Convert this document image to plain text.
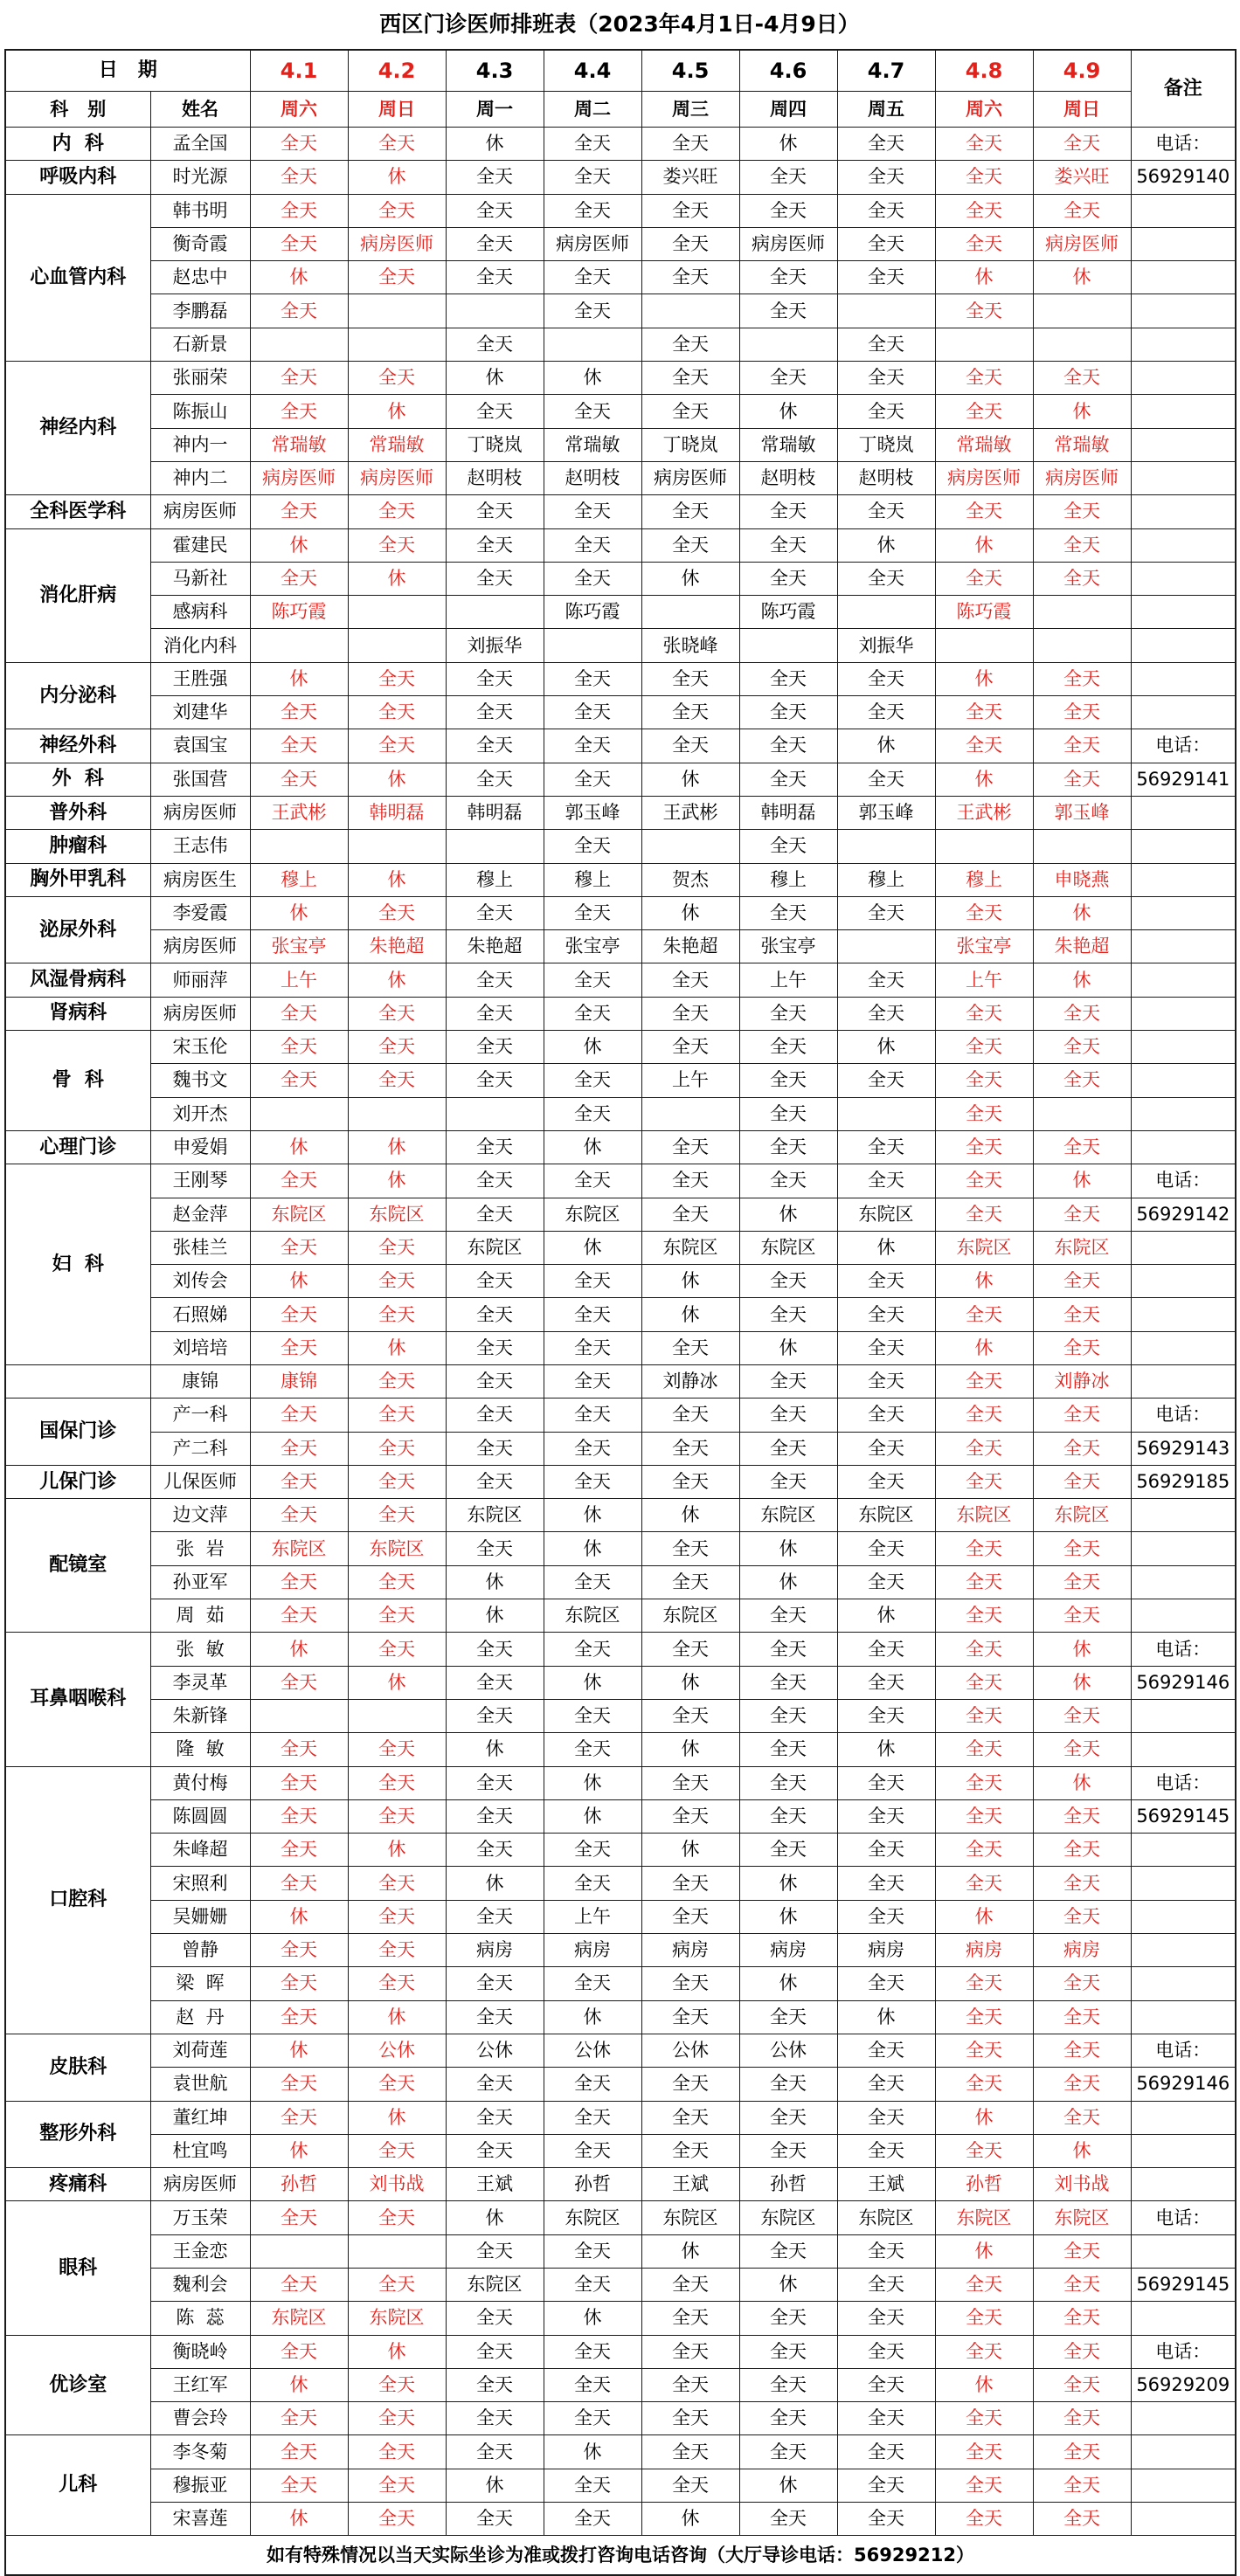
西区门诊医师排班表（2023年4月1日-4月9日）
日   期		4.1	4.2	4.3	4.4	4.5	4.6	4.7	4.8	4.9	备注
科   别	姓名	周六	周日	周一	周二	周三	周四	周五	周六	周日	
内  科	孟全国	全天	全天	休	全天	全天	休	全天	全天	全天	电话：
呼吸内科	时光源	全天	休	全天	全天	娄兴旺	全天	全天	全天	娄兴旺	56929140
心血管内科	韩书明	全天	全天	全天	全天	全天	全天	全天	全天	全天	
	衡奇霞	全天	病房医师	全天	病房医师	全天	病房医师	全天	全天	病房医师	
	赵忠中	休	全天	全天	全天	全天	全天	全天	休	休	
	李鹏磊	全天			全天		全天		全天		
	石新景			全天		全天		全天			
神经内科	张丽荣	全天	全天	休	休	全天	全天	全天	全天	全天	
	陈振山	全天	休	全天	全天	全天	休	全天	全天	休	
	神内一	常瑞敏	常瑞敏	丁晓岚	常瑞敏	丁晓岚	常瑞敏	丁晓岚	常瑞敏	常瑞敏	
	神内二	病房医师	病房医师	赵明枝	赵明枝	病房医师	赵明枝	赵明枝	病房医师	病房医师	
全科医学科	病房医师	全天	全天	全天	全天	全天	全天	全天	全天	全天	
消化肝病	霍建民	休	全天	全天	全天	全天	全天	休	休	全天	
	马新社	全天	休	全天	全天	休	全天	全天	全天	全天	
	感病科	陈巧霞			陈巧霞		陈巧霞		陈巧霞		
	消化内科			刘振华		张晓峰		刘振华			
内分泌科	王胜强	休	全天	全天	全天	全天	全天	全天	休	全天	
	刘建华	全天	全天	全天	全天	全天	全天	全天	全天	全天	
神经外科	袁国宝	全天	全天	全天	全天	全天	全天	休	全天	全天	电话：
外  科	张国营	全天	休	全天	全天	休	全天	全天	休	全天	56929141
普外科	病房医师	王武彬	韩明磊	韩明磊	郭玉峰	王武彬	韩明磊	郭玉峰	王武彬	郭玉峰	
肿瘤科	王志伟				全天		全天				
胸外甲乳科	病房医生	穆上	休	穆上	穆上	贺杰	穆上	穆上	穆上	申晓燕	
泌尿外科	李爱霞	休	全天	全天	全天	休	全天	全天	全天	休	
	病房医师	张宝亭	朱艳超	朱艳超	张宝亭	朱艳超	张宝亭		张宝亭	朱艳超	
风湿骨病科	师丽萍	上午	休	全天	全天	全天	上午	全天	上午	休	
肾病科	病房医师	全天	全天	全天	全天	全天	全天	全天	全天	全天	
骨  科	宋玉伦	全天	全天	全天	休	全天	全天	休	全天	全天	
	魏书文	全天	全天	全天	全天	上午	全天	全天	全天	全天	
	刘开杰				全天		全天		全天		
心理门诊	申爱娟	休	休	全天	休	全天	全天	全天	全天	全天	
妇  科	王刚琴	全天	休	全天	全天	全天	全天	全天	全天	休	电话：
	赵金萍	东院区	东院区	全天	东院区	全天	休	东院区	全天	全天	56929142
	张桂兰	全天	全天	东院区	休	东院区	东院区	休	东院区	东院区	
	刘传会	休	全天	全天	全天	休	全天	全天	休	全天	
	石照娣	全天	全天	全天	全天	休	全天	全天	全天	全天	
	刘培培	全天	休	全天	全天	全天	休	全天	休	全天	
	康锦	康锦	全天	全天	全天	刘静冰	全天	全天	全天	刘静冰	
国保门诊	产一科	全天	全天	全天	全天	全天	全天	全天	全天	全天	电话：
	产二科	全天	全天	全天	全天	全天	全天	全天	全天	全天	56929143
儿保门诊	儿保医师	全天	全天	全天	全天	全天	全天	全天	全天	全天	56929185
配镜室	边文萍	全天	全天	东院区	休	休	东院区	东院区	东院区	东院区	
	张  岩	东院区	东院区	全天	休	全天	休	全天	全天	全天	
	孙亚军	全天	全天	休	全天	全天	休	全天	全天	全天	
	周  茹	全天	全天	休	东院区	东院区	全天	休	全天	全天	
耳鼻咽喉科	张  敏	休	全天	全天	全天	全天	全天	全天	全天	休	电话：
	李灵革	全天	休	全天	休	休	全天	全天	全天	休	56929146
	朱新锋			全天	全天	全天	全天	全天	全天	全天	
	隆  敏	全天	全天	休	全天	休	全天	休	全天	全天	
口腔科	黄付梅	全天	全天	全天	休	全天	全天	全天	全天	休	电话：
	陈圆圆	全天	全天	全天	休	全天	全天	全天	全天	全天	56929145
	朱峰超	全天	休	全天	全天	休	全天	全天	全天	全天	
	宋照利	全天	全天	休	全天	全天	休	全天	全天	全天	
	吴姗姗	休	全天	全天	上午	全天	休	全天	休	全天	
	曾静	全天	全天	病房	病房	病房	病房	病房	病房	病房	
	梁  晖	全天	全天	全天	全天	全天	休	全天	全天	全天	
	赵  丹	全天	休	全天	休	全天	全天	休	全天	全天	
皮肤科	刘荷莲	休	公休	公休	公休	公休	公休	全天	全天	全天	电话：
	袁世航	全天	全天	全天	全天	全天	全天	全天	全天	全天	56929146
整形外科	董红坤	全天	休	全天	全天	全天	全天	全天	休	全天	
	杜宜鸣	休	全天	全天	全天	全天	全天	全天	全天	休	
疼痛科	病房医师	孙哲	刘书战	王斌	孙哲	王斌	孙哲	王斌	孙哲	刘书战	
眼科	万玉荣	全天	全天	休	东院区	东院区	东院区	东院区	东院区	东院区	电话：
	王金恋			全天	全天	休	全天	全天	休	全天	
	魏利会	全天	全天	东院区	全天	全天	休	全天	全天	全天	56929145
	陈  蕊	东院区	东院区	全天	休	全天	全天	全天	全天	全天	
优诊室	衡晓岭	全天	休	全天	全天	全天	全天	全天	全天	全天	电话：
	王红军	休	全天	全天	全天	全天	全天	全天	休	全天	56929209
	曹会玲	全天	全天	全天	全天	全天	全天	全天	全天	全天	
儿科	李冬菊	全天	全天	全天	休	全天	全天	全天	全天	全天	
	穆振亚	全天	全天	休	全天	全天	休	全天	全天	全天	
	宋喜莲	休	全天	全天	全天	休	全天	全天	全天	全天	
如有特殊情况以当天实际坐诊为准或拨打咨询电话咨询（大厅导诊电话：56929212）											
